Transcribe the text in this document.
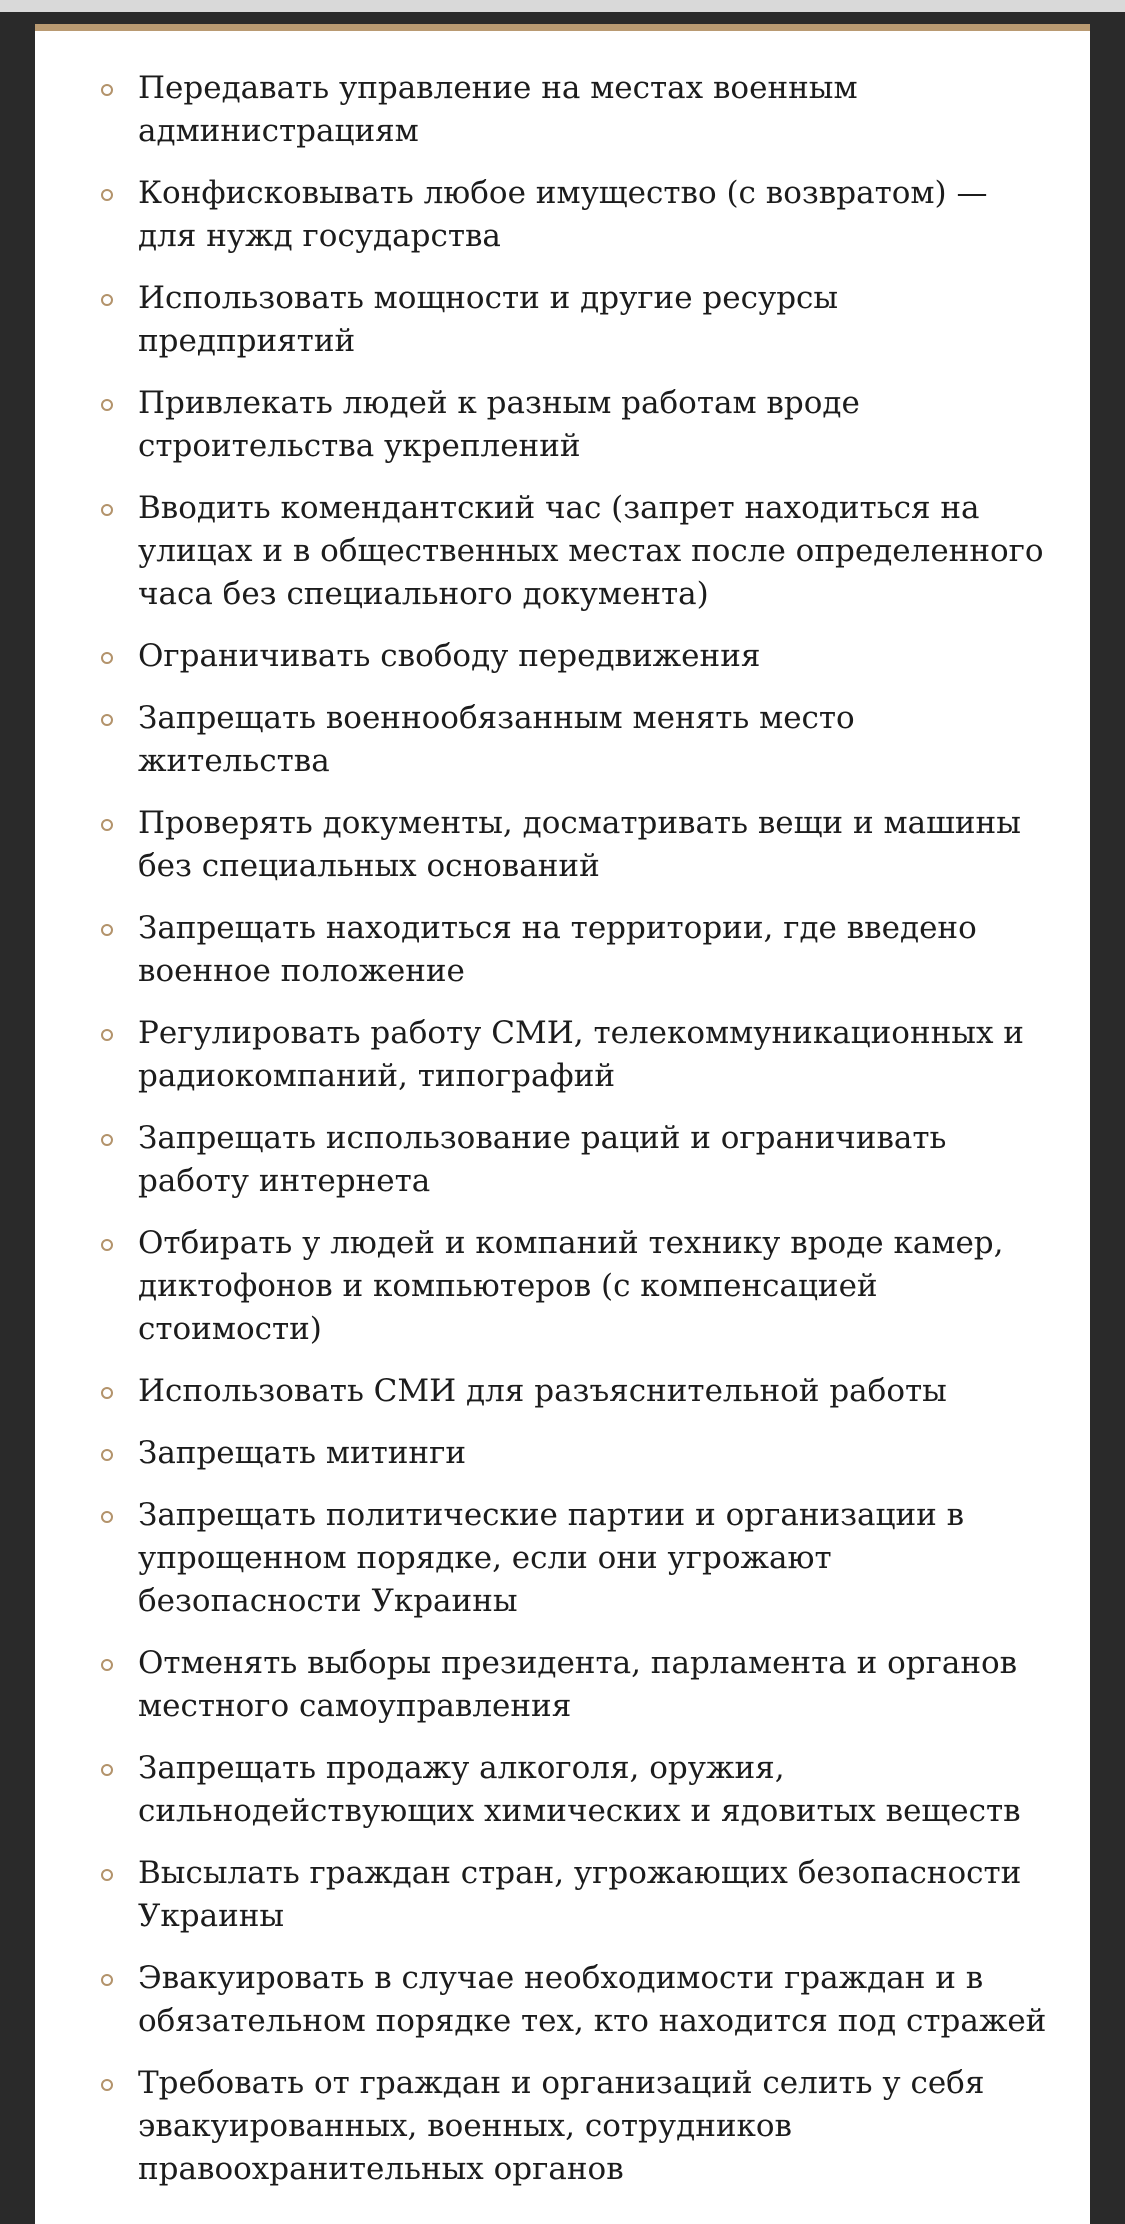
Передавать управление на местах военным администрациям
Конфисковывать любое имущество (с возвратом) — для нужд государства
Использовать мощности и другие ресурсы предприятий
Привлекать людей к разным работам вроде строительства укреплений
Вводить комендантский час (запрет находиться на улицах и в общественных местах после определенного часа без специального документа)
Ограничивать свободу передвижения
Запрещать военнообязанным менять место жительства
Проверять документы, досматривать вещи и машины без специальных оснований
Запрещать находиться на территории, где введено военное положение
Регулировать работу СМИ, телекоммуникационных и радиокомпаний, типографий
Запрещать использование раций и ограничивать работу интернета
Отбирать у людей и компаний технику вроде камер, диктофонов и компьютеров (с компенсацией стоимости)
Использовать СМИ для разъяснительной работы
Запрещать митинги
Запрещать политические партии и организации в упрощенном порядке, если они угрожают безопасности Украины
Отменять выборы президента, парламента и органов местного самоуправления
Запрещать продажу алкоголя, оружия, сильнодействующих химических и ядовитых веществ
Высылать граждан стран, угрожающих безопасности Украины
Эвакуировать в случае необходимости граждан и в обязательном порядке тех, кто находится под стражей
Требовать от граждан и организаций селить у себя эвакуированных, военных, сотрудников правоохранительных органов
